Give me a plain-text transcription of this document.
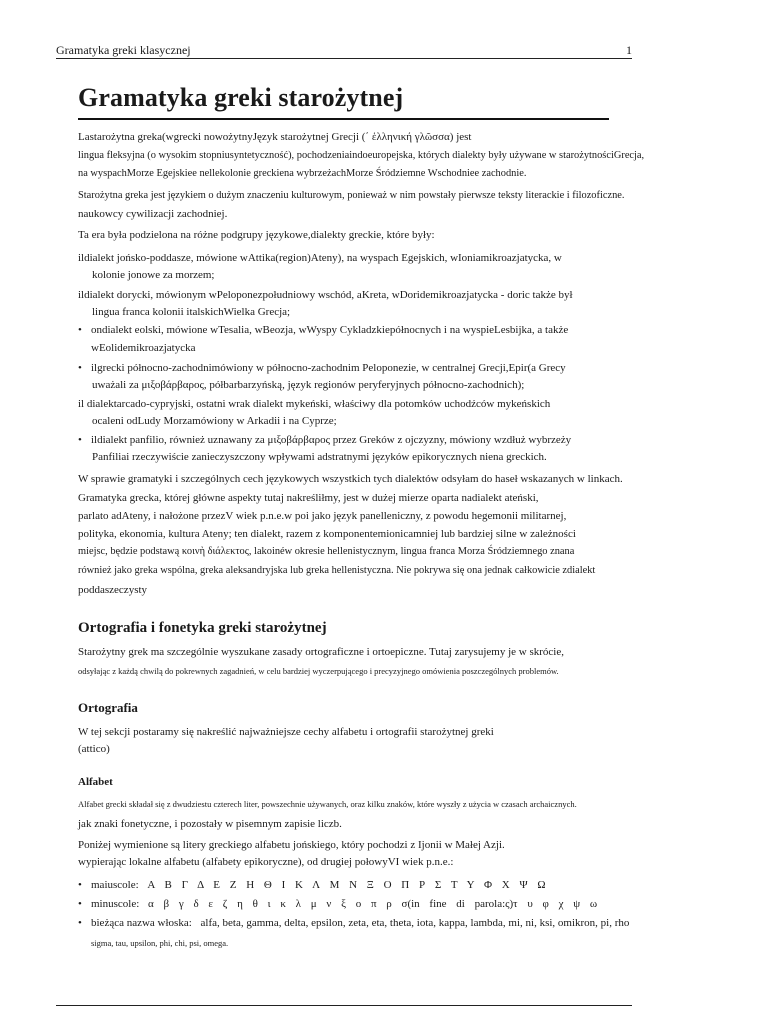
Gramatyka greki klasycznej	1
Gramatyka greki starożytnej
Lastarożytna greka(wgrecki nowożytnyJęzyk starożytnej Grecji (΄ ἑλληνική γλῶσσα) jest
lingua fleksyjna (o wysokim stopniusyntetyczność), pochodzeniaindoeuropejska, których dialekty były używane w starożytnościGrecja,
na wyspachMorze Egejskiee nellekolonie greckiena wybrzeżachMorze Śródziemne Wschodniee zachodnie.
Starożytna greka jest językiem o dużym znaczeniu kulturowym, ponieważ w nim powstały pierwsze teksty literackie i filozoficzne.
naukowcy cywilizacji zachodniej.
Ta era była podzielona na różne podgrupy językowe,dialekty greckie, które były:
ildialekt jońsko-poddasze, mówione wAttika(region)Ateny), na wyspach Egejskich, wIoniamikroazjatycka, w
kolonie jonowe za morzem;
ildialekt dorycki, mówionym wPeloponezpołudniowy wschód, aKreta, wDoridemikroazjatycka - doric także był
lingua franca kolonii italskichWielka Grecja;
• ondialekt eolski, mówione wTesalia, wBeozja, wWyspy Cykladzkiepółnocnych i na wyspieLesbijka, a także
wEolidemikroazjatycka
• ilgrecki północno-zachodnimówiony w północno-zachodnim Peloponezie, w centralnej Grecji,Epir(a Grecy
uważali za μιξοβάρβαρος, półbarbarzyńską, język regionów peryferyjnych północno-zachodnich);
il dialektarcado-cypryjski, ostatni wrak dialekt mykeński, właściwy dla potomków uchodźców mykeńskich
ocaleni odLudy Morzamówiony w Arkadii i na Cyprze;
• ildialekt panfilio, również uznawany za μιξοβάρβαρος przez Greków z ojczyzny, mówiony wzdłuż wybrzeży
Panfiliai rzeczywiście zanieczyszczony wpływami adstratnymi języków epikorycznych niena greckich.
W sprawie gramatyki i szczególnych cech językowych wszystkich tych dialektów odsyłam do haseł wskazanych w linkach.
Gramatyka grecka, której główne aspekty tutaj nakreśliłmy, jest w dużej mierze oparta nadialekt ateński,
parlato adAteny, i nałożone przezV wiek p.n.e.w poi jako język panelleniczny, z powodu hegemonii militarnej,
polityka, ekonomia, kultura Ateny; ten dialekt, razem z komponentemionicamniej lub bardziej silne w zależności
miejsc, będzie podstawą κοινὴ διάλεκτος, lakoinéw okresie hellenistycznym, lingua franca Morza Śródziemnego znana
również jako greka wspólna, greka aleksandryjska lub greka hellenistyczna. Nie pokrywa się ona jednak całkowicie zdialekt
poddaszeczysty
Ortografia i fonetyka greki starożytnej
Starożytny grek ma szczególnie wyszukane zasady ortograficzne i ortoepiczne. Tutaj zarysujemy je w skrócie,
odsyłając z każdą chwilą do pokrewnych zagadnień, w celu bardziej wyczerpującego i precyzyjnego omówienia poszczególnych problemów.
Ortografia
W tej sekcji postaramy się nakreślić najważniejsze cechy alfabetu i ortografii starożytnej greki
(attico)
Alfabet
Alfabet grecki składał się z dwudziestu czterech liter, powszechnie używanych, oraz kilku znaków, które wyszły z użycia w czasach archaicznych.
jak znaki fonetyczne, i pozostały w pisemnym zapisie liczb.
Poniżej wymienione są litery greckiego alfabetu jońskiego, który pochodzi z Ijonii w Małej Azji.
wypierając lokalne alfabetu (alfabety epikoryczne), od drugiej połowyVI wiek p.n.e.:
• maiuscole: Α Β Γ Δ Ε Ζ Η Θ Ι Κ Λ Μ Ν Ξ Ο Π Ρ Σ Τ Υ Φ Χ Ψ Ω
• minuscole: α β γ δ ε ζ η θ ι κ λ μ ν ξ ο π ρ σ(in fine di parola:ς)τ υ φ χ ψ ω
• bieżąca nazwa włoska: alfa, beta, gamma, delta, epsilon, zeta, eta, theta, iota, kappa, lambda, mi, ni, ksi, omikron, pi, rho
sigma, tau, upsilon, phi, chi, psi, omega.
